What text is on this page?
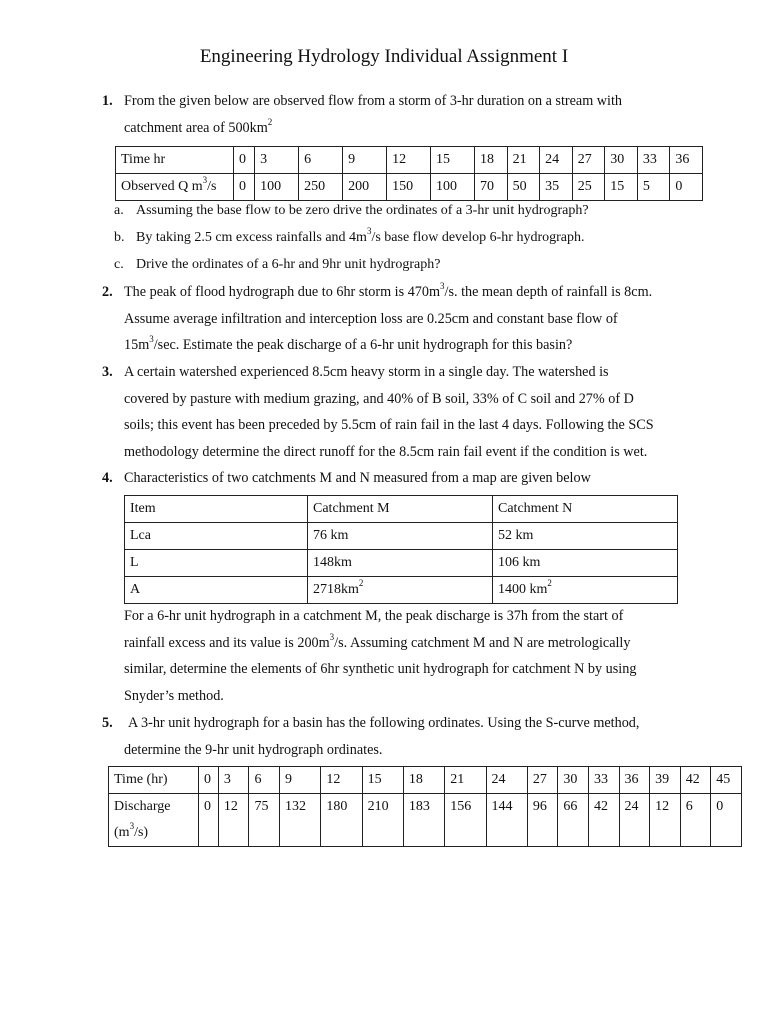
Engineering Hydrology Individual Assignment I
1. From the given below are observed flow from a storm of 3-hr duration on a stream with
catchment area of $500km^2$
Time hr	0	3	6	9	12	15	18	21	24	27	30	33	36
Observed Q $m^3/s$	0	100	250	200	150	100	70	50	35	25	15	5	0
a. Assuming the base flow to be zero drive the ordinates of a 3-hr unit hydrograph?
b. By taking 2.5 cm excess rainfalls and $4m^3/s$ base flow develop 6-hr hydrograph.
c. Drive the ordinates of a 6-hr and 9hr unit hydrograph?
2. The peak of flood hydrograph due to 6hr storm is $470m^3/s$. the mean depth of rainfall is 8cm.
Assume average infiltration and interception loss are 0.25cm and constant base flow of
$15m^3/\sec$. Estimate the peak discharge of a 6-hr unit hydrograph for this basin?
3. A certain watershed experienced 8.5cm heavy storm in a single day. The watershed is
covered by pasture with medium grazing, and 40% of B soil, 33% of C soil and 27% of D
soils; this event has been preceded by 5.5cm of rain fail in the last 4 days. Following the SCS
methodology determine the direct runoff for the 8.5cm rain fail event if the condition is wet.
4. Characteristics of two catchments M and N measured from a map are given below
Item	Catchment M	Catchment N
Lca	76 km	52 km
L	148km	106 km
A	$2718km^2$	1400 $km^2$
For a 6-hr unit hydrograph in a catchment M, the peak discharge is 37h from the start of
rainfall excess and its value is $200m^3/s$. Assuming catchment M and N are metrologically
similar, determine the elements of 6hr synthetic unit hydrograph for catchment N by using
Snyder’s method.
5. A 3-hr unit hydrograph for a basin has the following ordinates. Using the S-curve method,
determine the 9-hr unit hydrograph ordinates.
Time (hr)	0	3	6	9	12	15	18	21	24	27	30	33	36	39	42	45

Discharge
$(m^3/s)$	0	12	75	132	180	210	183	156	144	96	66	42	24	12	6	0
